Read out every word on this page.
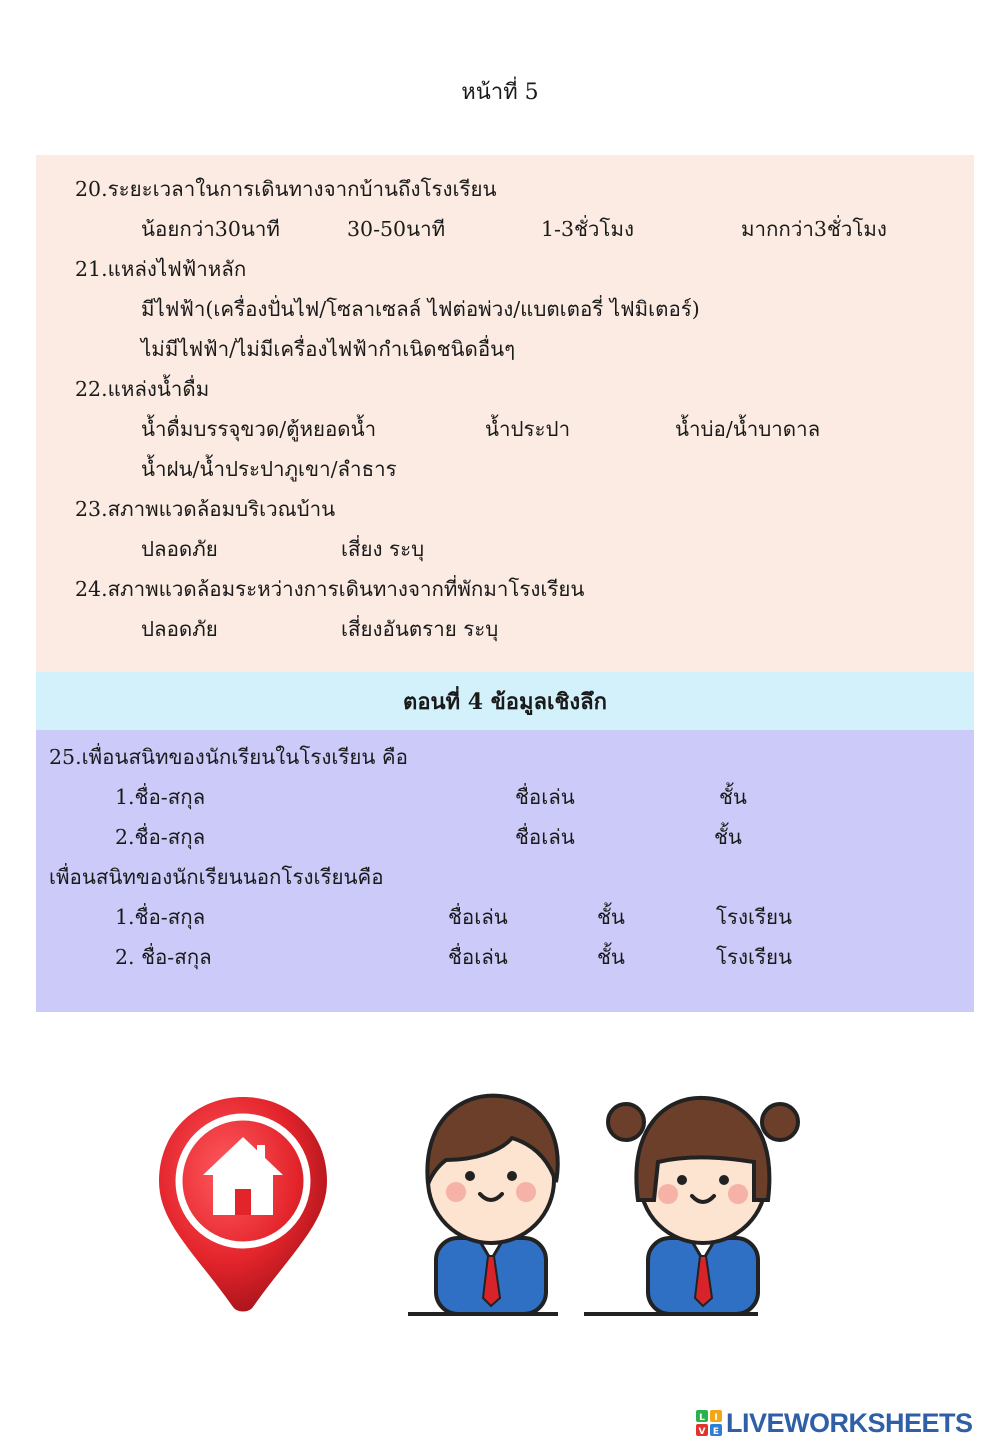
หน้าที่ 5
20.ระยะเวลาในการเดินทางจากบ้านถึงโรงเรียน
น้อยกว่า30นาที	30-50นาที	1-3ชั่วโมง	มากกว่า3ชั่วโมง
21.แหล่งไฟฟ้าหลัก
มีไฟฟ้า(เครื่องปั่นไฟ/โซลาเซลล์ ไฟต่อพ่วง/แบตเตอรี่ ไฟมิเตอร์)
ไม่มีไฟฟ้า/ไม่มีเครื่องไฟฟ้ากำเนิดชนิดอื่นๆ
22.แหล่งน้ำดื่ม
น้ำดื่มบรรจุขวด/ตู้หยอดน้ำ	น้ำประปา	น้ำบ่อ/น้ำบาดาล
น้ำฝน/น้ำประปาภูเขา/ลำธาร
23.สภาพแวดล้อมบริเวณบ้าน
ปลอดภัย	เสี่ยง ระบุ
24.สภาพแวดล้อมระหว่างการเดินทางจากที่พักมาโรงเรียน
ปลอดภัย	เสี่ยงอันตราย ระบุ
ตอนที่ 4 ข้อมูลเชิงลึก
25.เพื่อนสนิทของนักเรียนในโรงเรียน คือ
1.ชื่อ-สกุล	ชื่อเล่น	ชั้น
2.ชื่อ-สกุล	ชื่อเล่น	ชั้น
เพื่อนสนิทของนักเรียนนอกโรงเรียนคือ
1.ชื่อ-สกุล	ชื่อเล่น	ชั้น	โรงเรียน
2. ชื่อ-สกุล	ชื่อเล่น	ชั้น	โรงเรียน
L I
V E LIVEWORKSHEETS
